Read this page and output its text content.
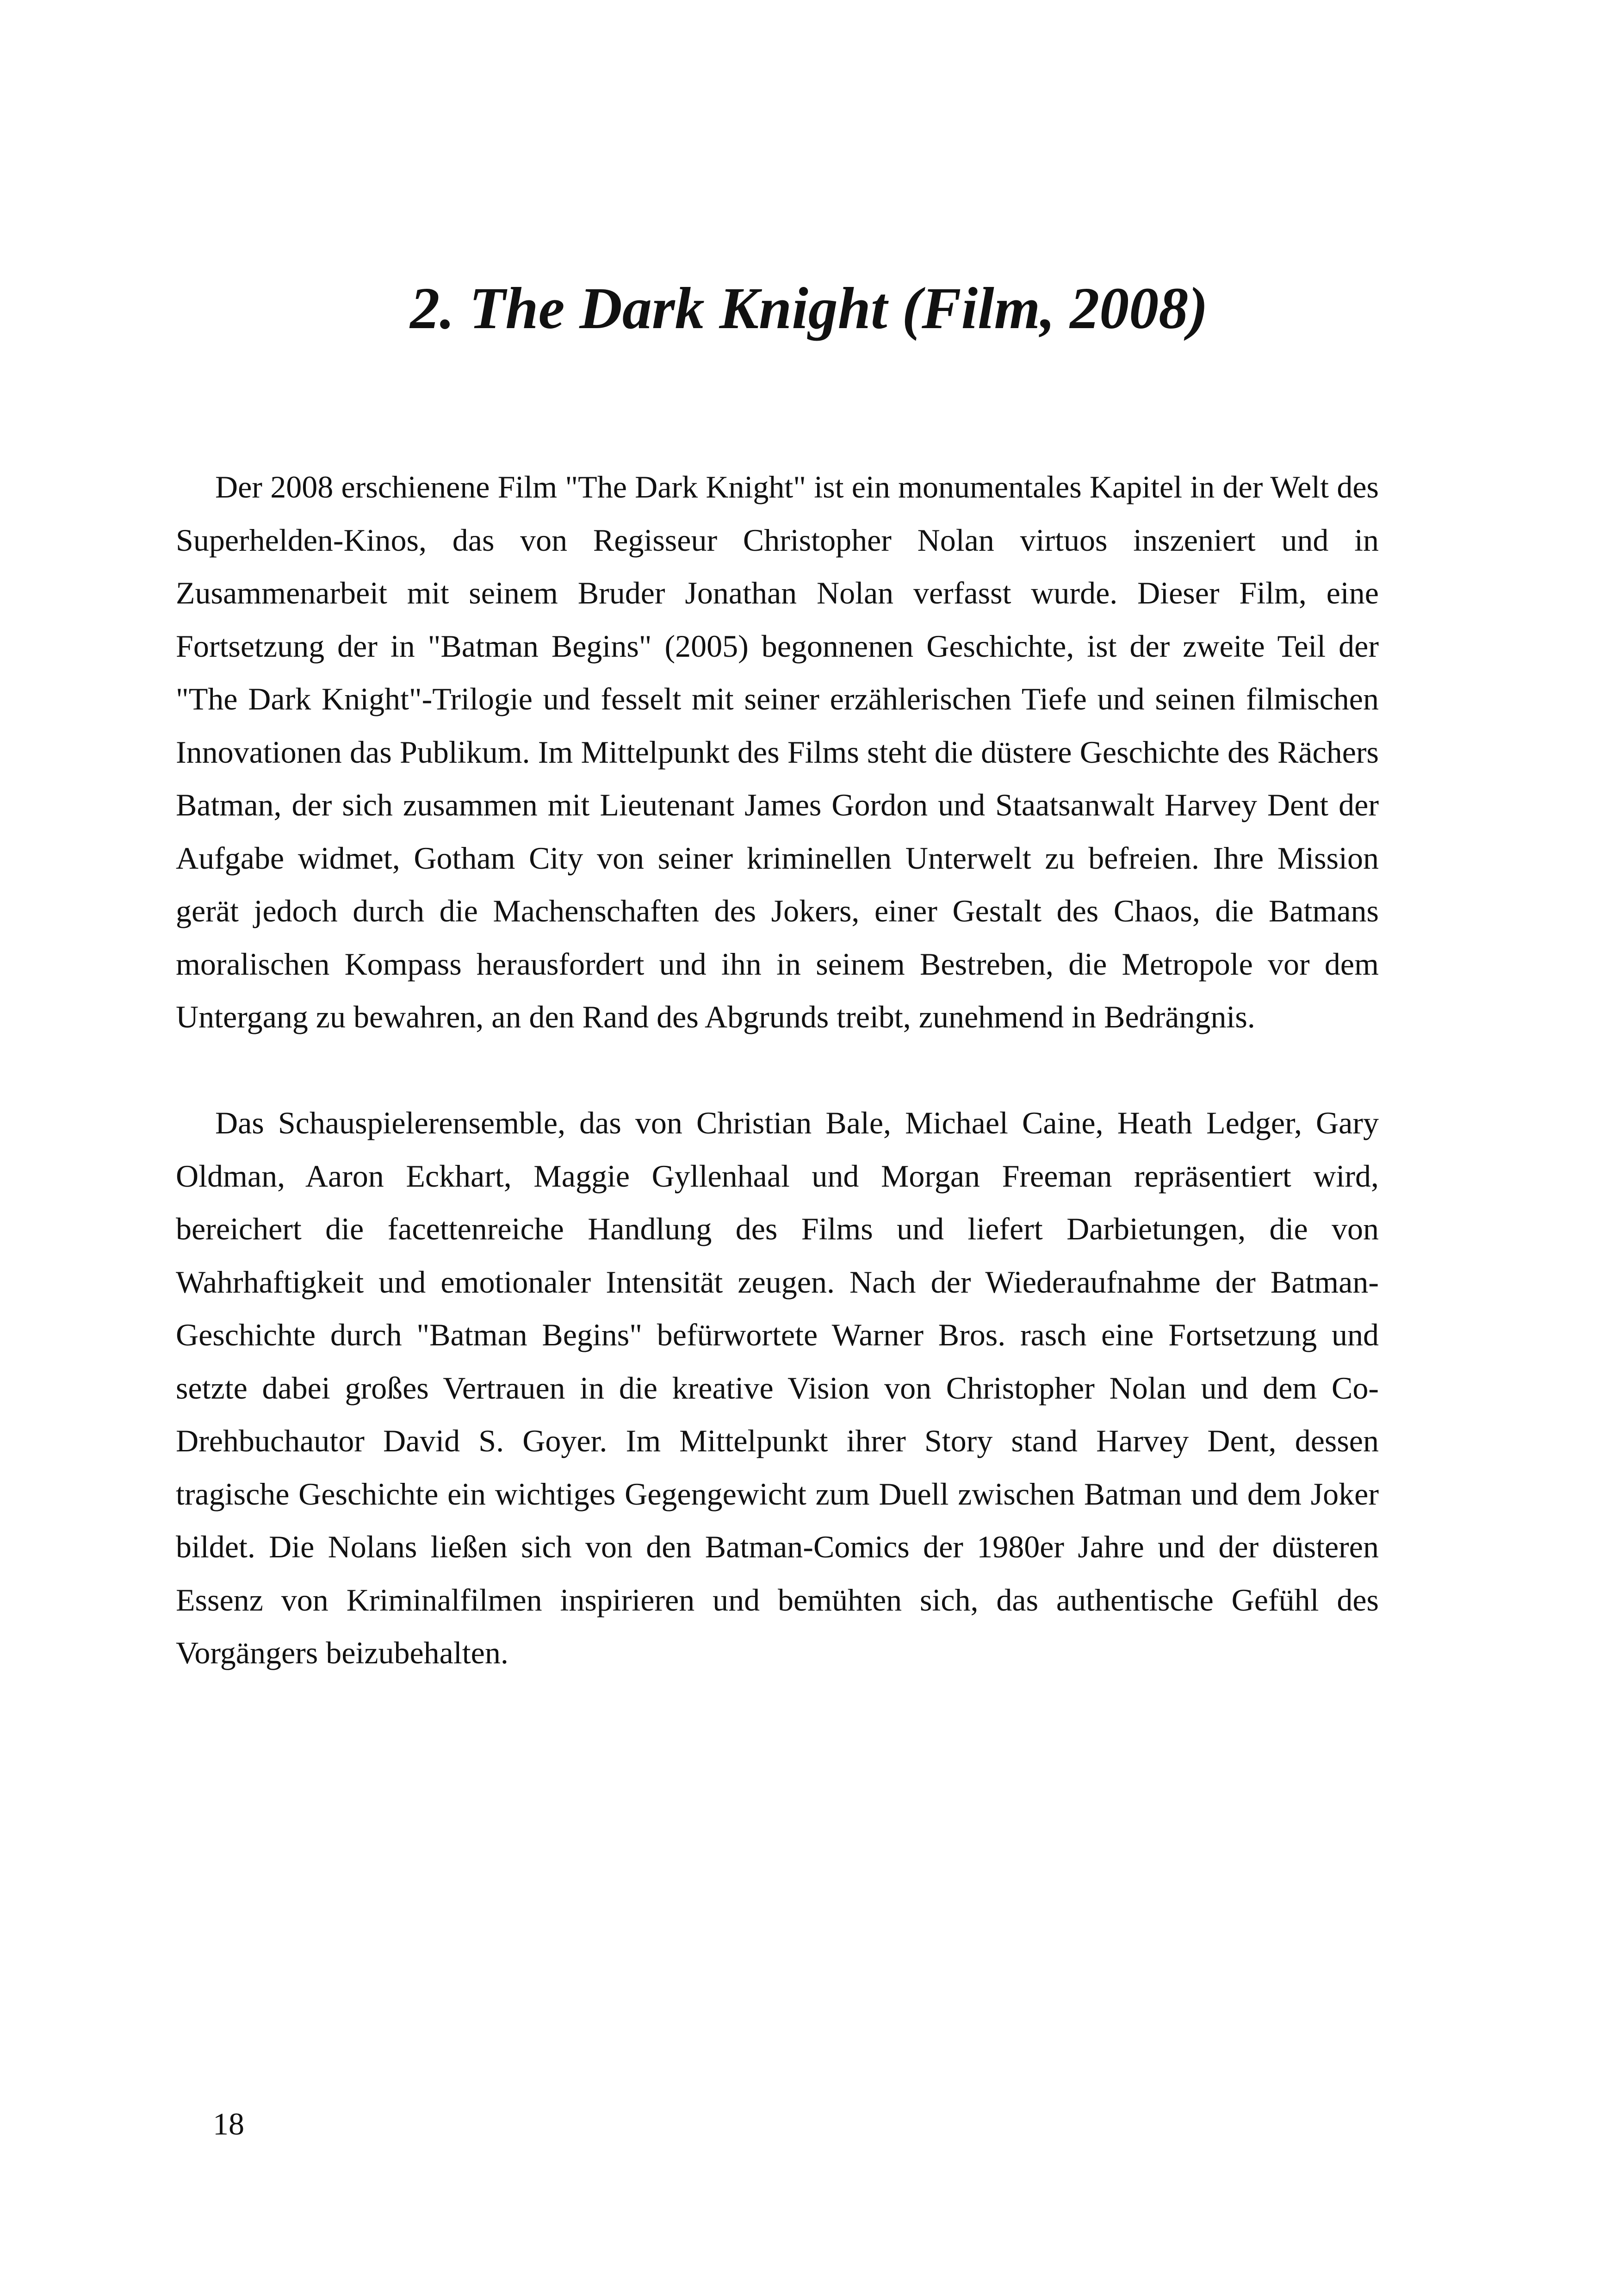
2. The Dark Knight (Film, 2008)

Der 2008 erschienene Film "The Dark Knight" ist ein monumentales Kapitel in der Welt des Superhelden-Kinos, das von Regisseur Christopher Nolan virtuos inszeniert und in Zusammenarbeit mit seinem Bruder Jonathan Nolan verfasst wurde. Dieser Film, eine Fortsetzung der in "Batman Begins" (2005) begonnenen Geschichte, ist der zweite Teil der "The Dark Knight"-Trilogie und fesselt mit seiner erzählerischen Tiefe und seinen filmischen Innovationen das Publikum. Im Mittelpunkt des Films steht die düstere Geschichte des Rächers Batman, der sich zusammen mit Lieutenant James Gordon und Staatsanwalt Harvey Dent der Aufgabe widmet, Gotham City von seiner kriminellen Unterwelt zu befreien. Ihre Mission gerät jedoch durch die Machenschaften des Jokers, einer Gestalt des Chaos, die Batmans moralischen Kompass herausfordert und ihn in seinem Bestreben, die Metropole vor dem Untergang zu bewahren, an den Rand des Abgrunds treibt, zunehmend in Bedrängnis.

Das Schauspielerensemble, das von Christian Bale, Michael Caine, Heath Ledger, Gary Oldman, Aaron Eckhart, Maggie Gyllenhaal und Morgan Freeman repräsentiert wird, bereichert die facettenreiche Handlung des Films und liefert Darbietungen, die von Wahrhaftigkeit und emotionaler Intensität zeugen. Nach der Wiederaufnahme der Batman-Geschichte durch "Batman Begins" befürwortete Warner Bros. rasch eine Fortsetzung und setzte dabei großes Vertrauen in die kreative Vision von Christopher Nolan und dem Co-Drehbuchautor David S. Goyer. Im Mittelpunkt ihrer Story stand Harvey Dent, dessen tragische Geschichte ein wichtiges Gegengewicht zum Duell zwischen Batman und dem Joker bildet. Die Nolans ließen sich von den Batman-Comics der 1980er Jahre und der düsteren Essenz von Kriminalfilmen inspirieren und bemühten sich, das authentische Gefühl des Vorgängers beizubehalten.

18
